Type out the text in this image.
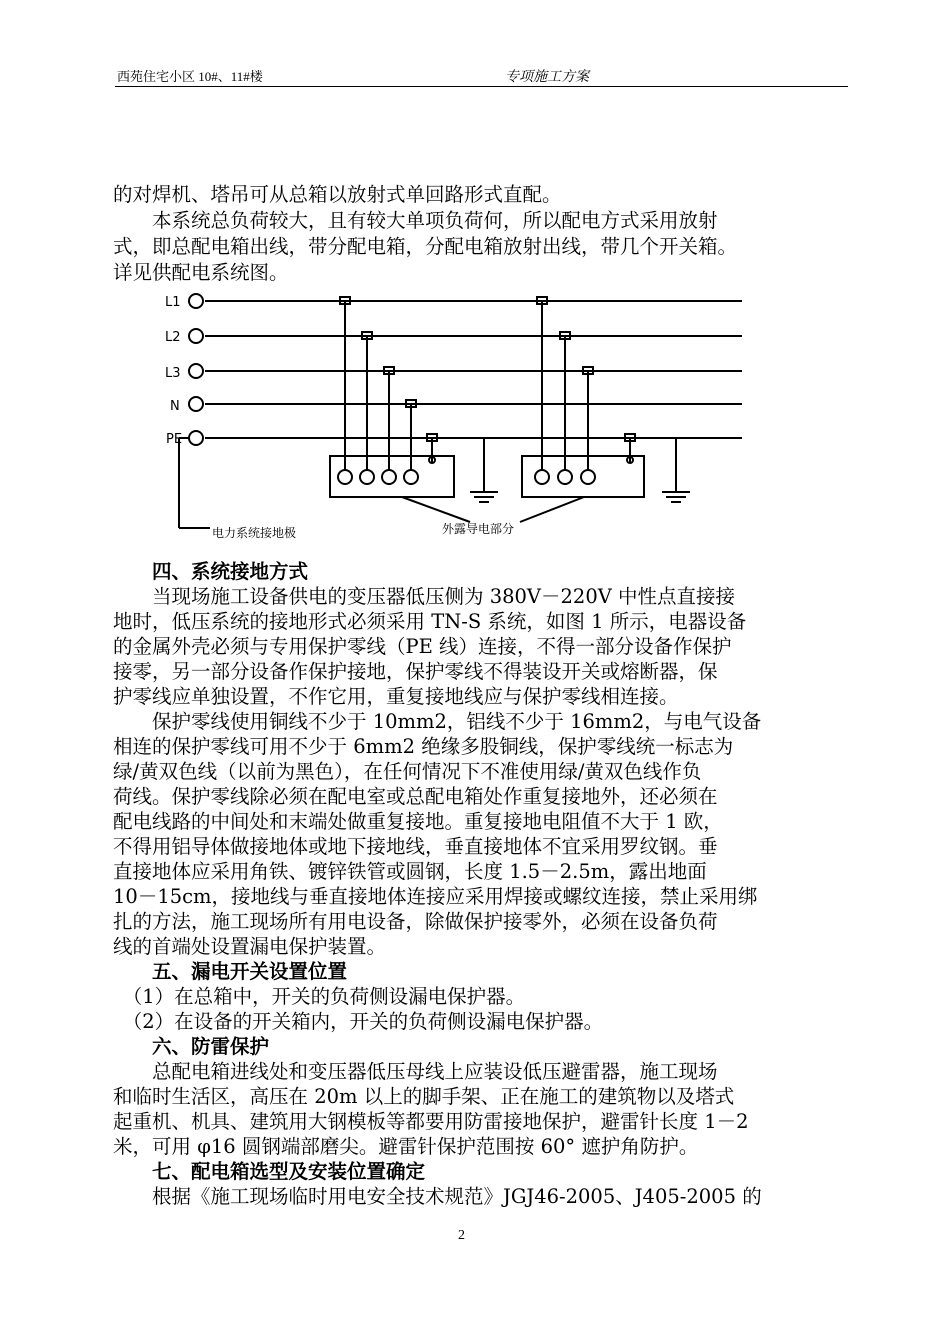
西苑住宅小区 10#、11#楼	专项施工方案
的对焊机、塔吊可从总箱以放射式单回路形式直配。
　　本系统总负荷较大，且有较大单项负荷何，所以配电方式采用放射
式，即总配电箱出线，带分配电箱，分配电箱放射出线，带几个开关箱。
详见供配电系统图。
L1
L2
L3
N
PE
电力系统接地极	外露导电部分
　　四、系统接地方式
　　当现场施工设备供电的变压器低压侧为 380V－220V 中性点直接接
地时，低压系统的接地形式必须采用 TN-S 系统，如图 1 所示，电器设备
的金属外壳必须与专用保护零线（PE 线）连接，不得一部分设备作保护
接零，另一部分设备作保护接地，保护零线不得装设开关或熔断器，保
护零线应单独设置，不作它用，重复接地线应与保护零线相连接。
　　保护零线使用铜线不少于 10mm2，铝线不少于 16mm2，与电气设备
相连的保护零线可用不少于 6mm2 绝缘多股铜线，保护零线统一标志为
绿/黄双色线（以前为黑色），在任何情况下不准使用绿/黄双色线作负
荷线。保护零线除必须在配电室或总配电箱处作重复接地外，还必须在
配电线路的中间处和末端处做重复接地。重复接地电阻值不大于 1 欧，
不得用铝导体做接地体或地下接地线，垂直接地体不宜采用罗纹钢。垂
直接地体应采用角铁、镀锌铁管或圆钢，长度 1.5－2.5m，露出地面
10－15cm，接地线与垂直接地体连接应采用焊接或螺纹连接，禁止采用绑
扎的方法，施工现场所有用电设备，除做保护接零外，必须在设备负荷
线的首端处设置漏电保护装置。
　　五、漏电开关设置位置
　（1）在总箱中，开关的负荷侧设漏电保护器。
　（2）在设备的开关箱内，开关的负荷侧设漏电保护器。
　　六、防雷保护
　　总配电箱进线处和变压器低压母线上应装设低压避雷器，施工现场
和临时生活区，高压在 20m 以上的脚手架、正在施工的建筑物以及塔式
起重机、机具、建筑用大钢模板等都要用防雷接地保护，避雷针长度 1－2
米，可用 φ16 圆钢端部磨尖。避雷针保护范围按 60° 遮护角防护。
　　七、配电箱选型及安装位置确定
　　根据《施工现场临时用电安全技术规范》JGJ46-2005、J405-2005 的
2
